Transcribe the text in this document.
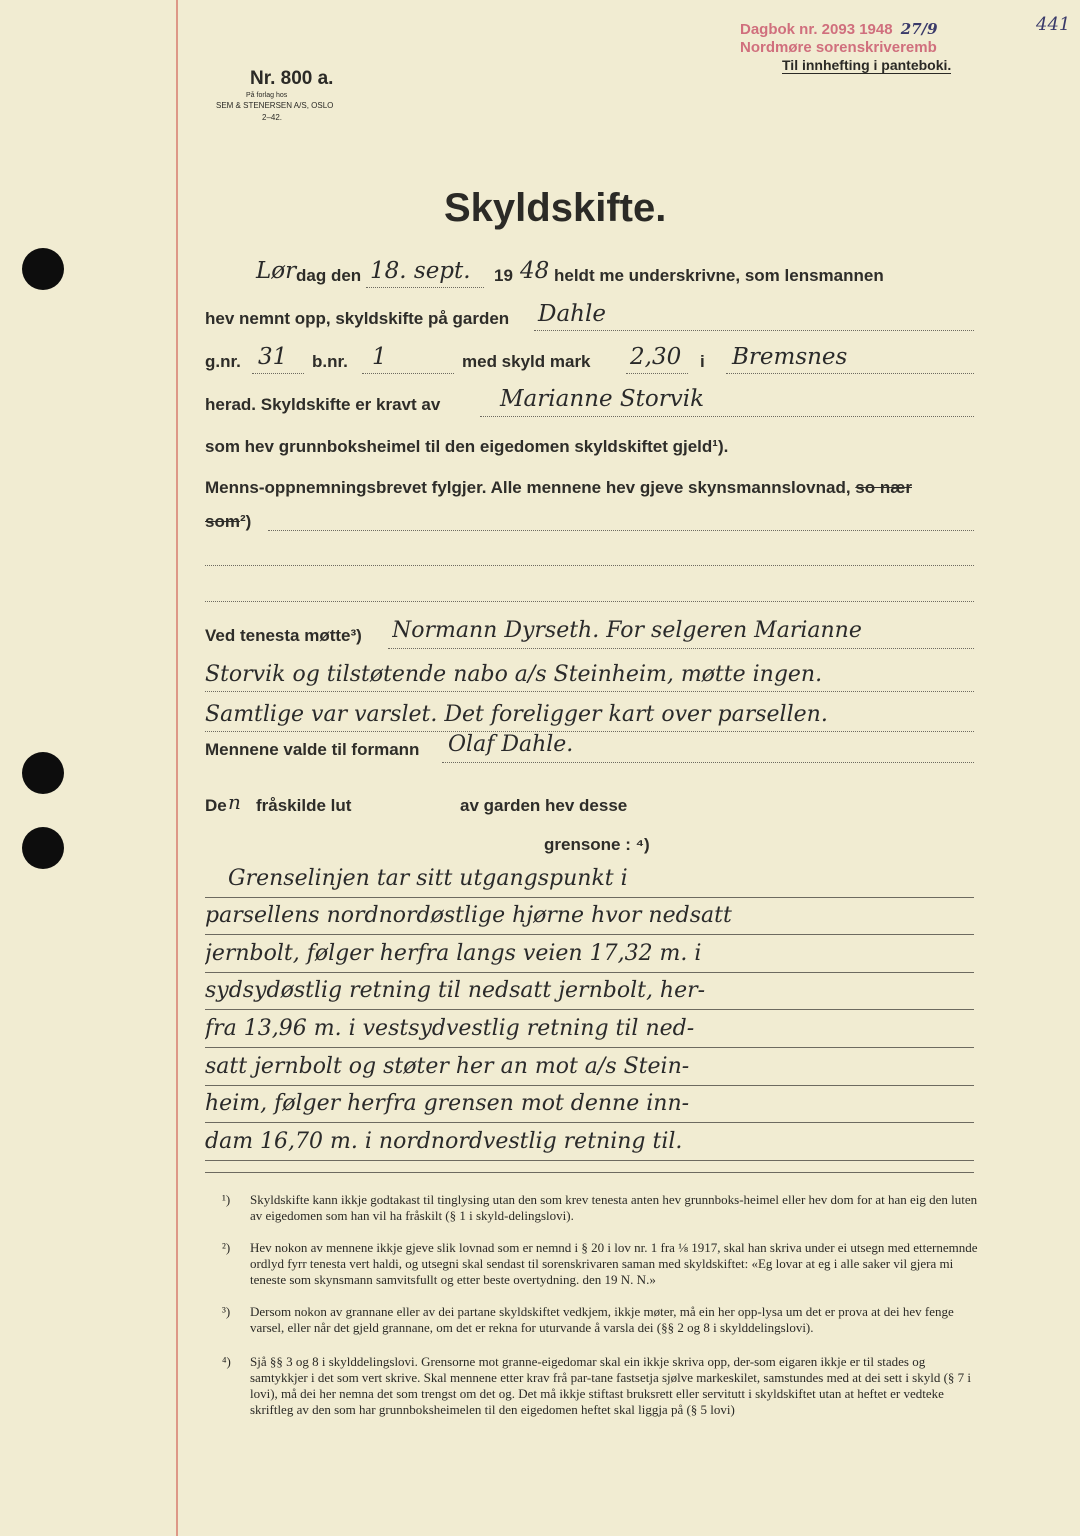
Dagbok nr. 2093 1948 27/9	441
Nordmøre sorenskriveremb
Til innhefting i panteboki.
Nr. 800 a.
På forlag hos
SEM & STENERSEN A/S, OSLO
2–42.
Skyldskifte.
Lør dag den 18. sept. 19 48 heldt me underskrivne, som lensmannen
hev nemnt opp, skyldskifte på garden Dahle
g.nr. 31 b.nr. 1	med skyld mark 2,30 i Bremsnes
herad. Skyldskifte er kravt av	Marianne Storvik
som hev grunnboksheimel til den eigedomen skyldskiftet gjeld¹).
Menns-oppnemningsbrevet fylgjer. Alle mennene hev gjeve skynsmannslovnad, so nær
som²)
Ved tenesta møtte³) Normann Dyrseth. For selgeren Marianne
Storvik og tilstøtende nabo a/s Steinheim, møtte ingen.
Samtlige var varslet. Det foreligger kart over parsellen.
Mennene valde til formann Olaf Dahle.
De n fråskilde lut	av garden hev desse
grensone : ⁴)
Grenselinjen tar sitt utgangspunkt i
parsellens nordnordøstlige hjørne hvor nedsatt
jernbolt, følger herfra langs veien 17,32 m. i
sydsydøstlig retning til nedsatt jernbolt, her-
fra 13,96 m. i vestsydvestlig retning til ned-
satt jernbolt og støter her an mot a/s Stein-
heim, følger herfra grensen mot denne inn-
dam 16,70 m. i nordnordvestlig retning til.
¹) Skyldskifte kann ikkje godtakast til tinglysing utan den som krev tenesta anten hev grunnboks-heimel eller hev dom for at han eig den luten av eigedomen som han vil ha fråskilt (§ 1 i skyld-delingslovi).
²) Hev nokon av mennene ikkje gjeve slik lovnad som er nemnd i § 20 i lov nr. 1 fra ⅛ 1917, skal han skriva under ei utsegn med etternemnde ordlyd fyrr tenesta vert haldi, og utsegni skal sendast til sorenskrivaren saman med skyldskiftet: «Eg lovar at eg i alle saker vil gjera mi teneste som skynsmann samvitsfullt og etter beste overtydning. den 19 N. N.»
³) Dersom nokon av grannane eller av dei partane skyldskiftet vedkjem, ikkje møter, må ein her opp-lysa um det er prova at dei hev fenge varsel, eller når det gjeld grannane, om det er rekna for uturvande å varsla dei (§§ 2 og 8 i skylddelingslovi).
⁴) Sjå §§ 3 og 8 i skylddelingslovi. Grensorne mot granne-eigedomar skal ein ikkje skriva opp, der-som eigaren ikkje er til stades og samtykkjer i det som vert skrive. Skal mennene etter krav frå par-tane fastsetja sjølve markeskilet, samstundes med at dei sett i skyld (§ 7 i lovi), må dei her nemna det som trengst om det og. Det må ikkje stiftast bruksrett eller servitutt i skyldskiftet utan at heftet er vedteke skriftleg av den som har grunnboksheimelen til den eigedomen heftet skal liggja på (§ 5 lovi)
